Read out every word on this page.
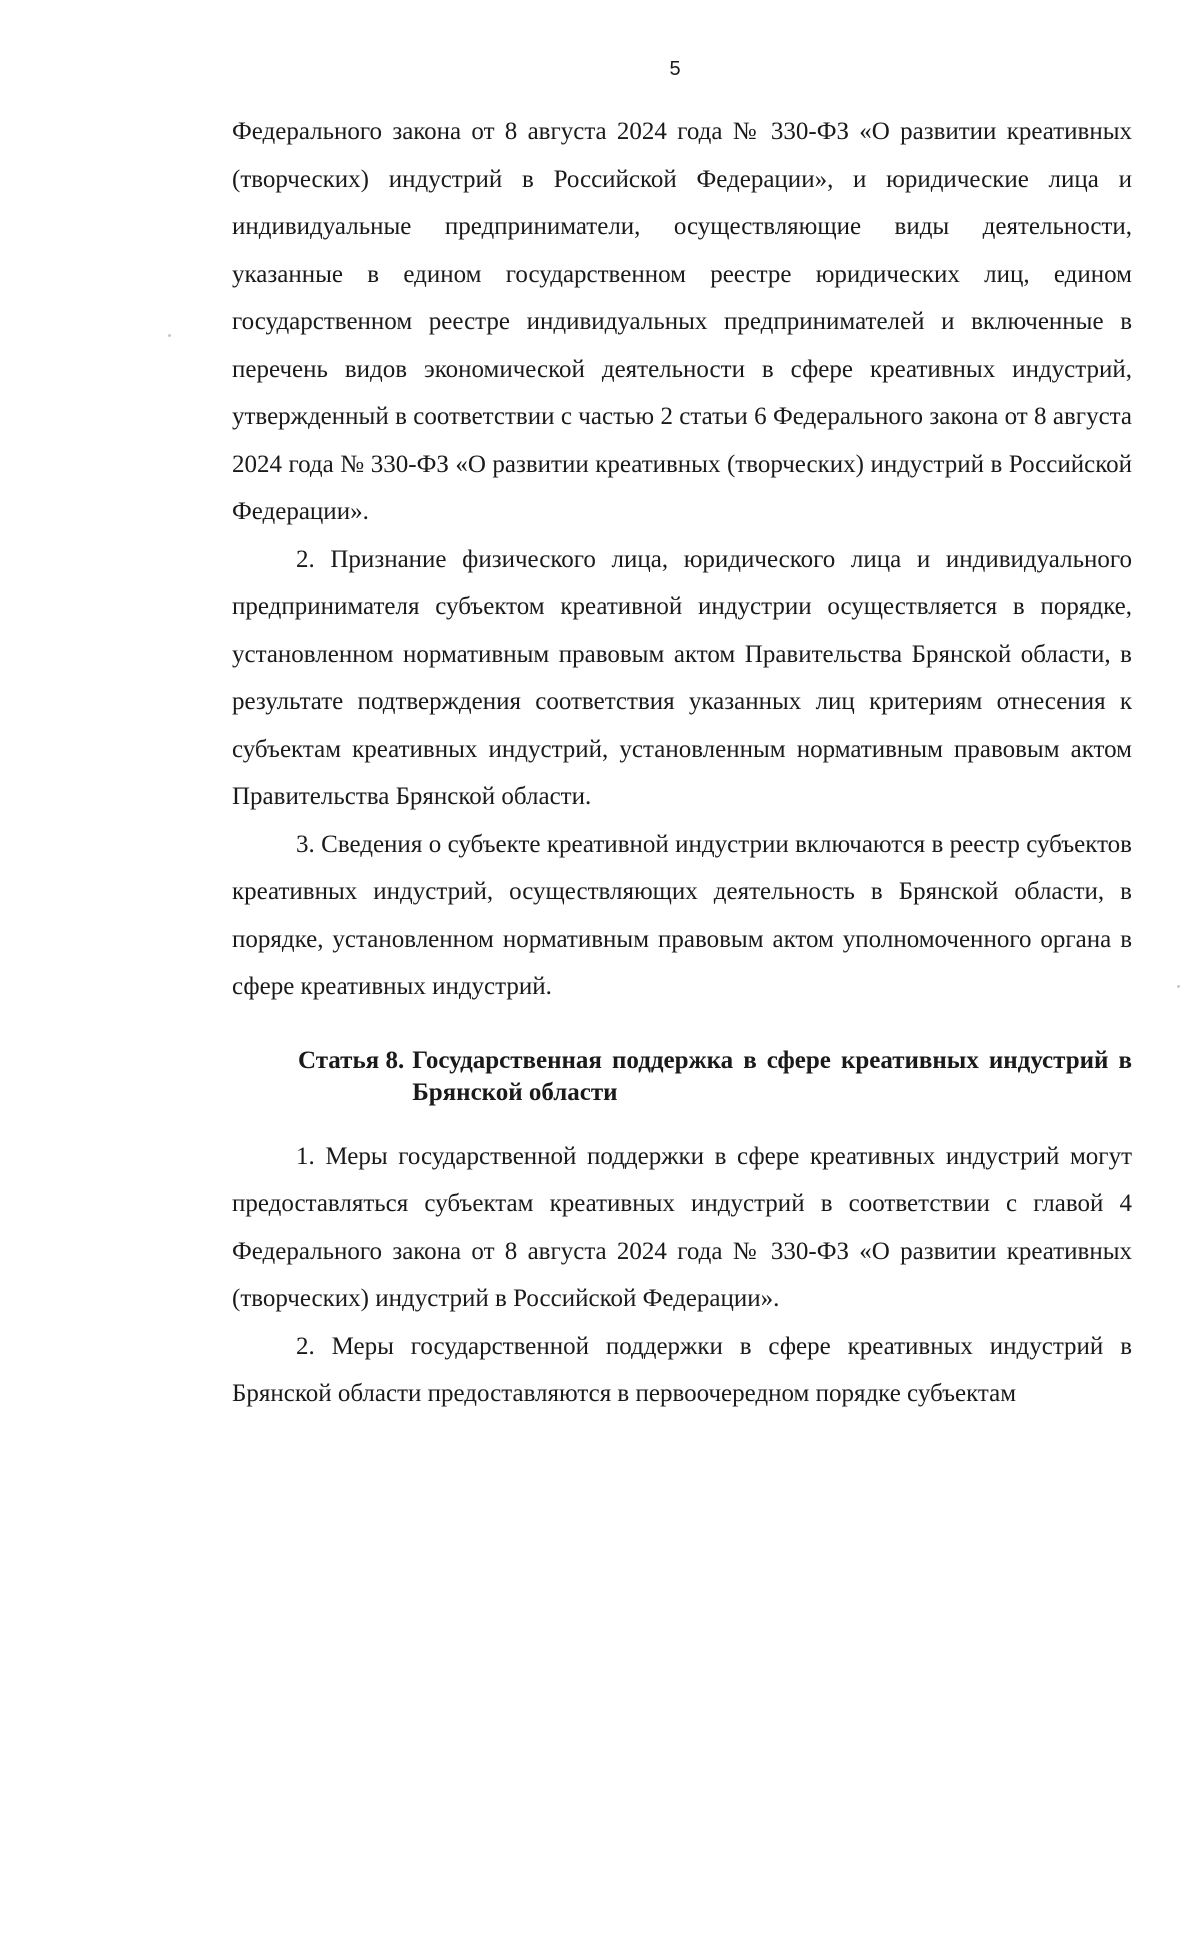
5

Федерального закона от 8 августа 2024 года № 330-ФЗ «О развитии креативных (творческих) индустрий в Российской Федерации», и юридические лица и индивидуальные предприниматели, осуществляющие виды деятельности, указанные в едином государственном реестре юридических лиц, едином государственном реестре индивидуальных предпринимателей и включенные в перечень видов экономической деятельности в сфере креативных индустрий, утвержденный в соответствии с частью 2 статьи 6 Федерального закона от 8 августа 2024 года № 330-ФЗ «О развитии креативных (творческих) индустрий в Российской Федерации».

2. Признание физического лица, юридического лица и индивидуального предпринимателя субъектом креативной индустрии осуществляется в порядке, установленном нормативным правовым актом Правительства Брянской области, в результате подтверждения соответствия указанных лиц критериям отнесения к субъектам креативных индустрий, установленным нормативным правовым актом Правительства Брянской области.

3. Сведения о субъекте креативной индустрии включаются в реестр субъектов креативных индустрий, осуществляющих деятельность в Брянской области, в порядке, установленном нормативным правовым актом уполномоченного органа в сфере креативных индустрий.

Статья 8. Государственная поддержка в сфере креативных индустрий в Брянской области

1. Меры государственной поддержки в сфере креативных индустрий могут предоставляться субъектам креативных индустрий в соответствии с главой 4 Федерального закона от 8 августа 2024 года № 330-ФЗ «О развитии креативных (творческих) индустрий в Российской Федерации».

2. Меры государственной поддержки в сфере креативных индустрий в Брянской области предоставляются в первоочередном порядке субъектам
